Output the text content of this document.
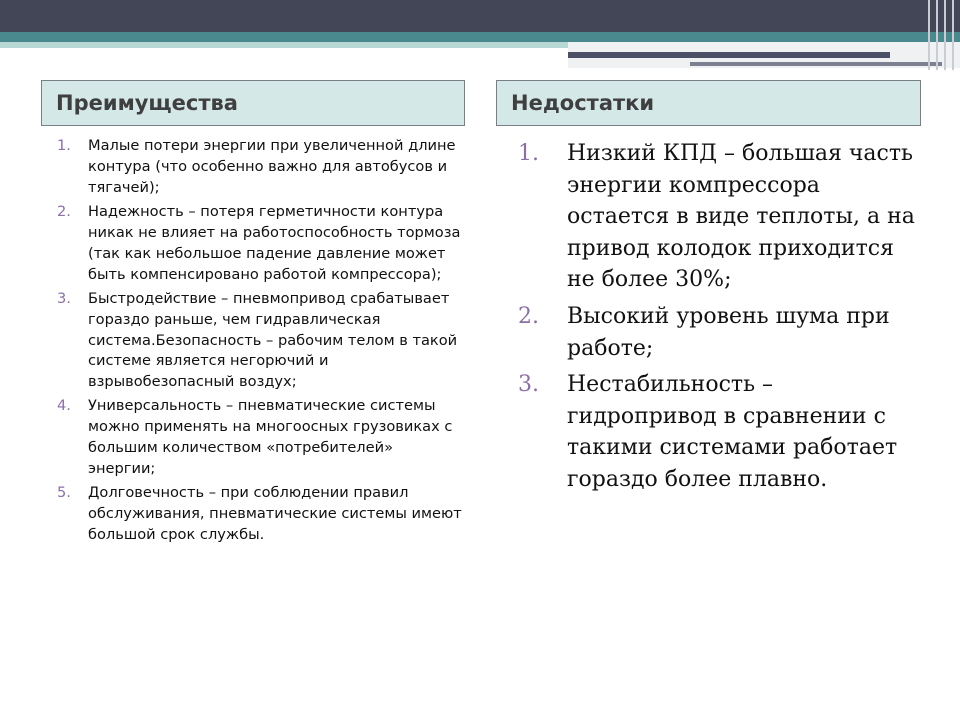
Преимущества	Недостатки
1. Малые потери энергии при увеличенной длине контура (что особенно важно для автобусов и тягачей);
2. Надежность – потеря герметичности контура никак не влияет на работоспособность тормоза (так как небольшое падение давление может быть компенсировано работой компрессора);
3. Быстродействие – пневмопривод срабатывает гораздо раньше, чем гидравлическая система.Безопасность – рабочим телом в такой системе является негорючий и взрывобезопасный воздух;
4. Универсальность – пневматические системы можно применять на многоосных грузовиках с большим количеством «потребителей» энергии;
5. Долговечность – при соблюдении правил обслуживания, пневматические системы имеют большой срок службы.
1. Низкий КПД – большая часть энергии компрессора остается в виде теплоты, а на привод колодок приходится не более 30%;
2. Высокий уровень шума при работе;
3. Нестабильность – гидропривод в сравнении с такими системами работает гораздо более плавно.
